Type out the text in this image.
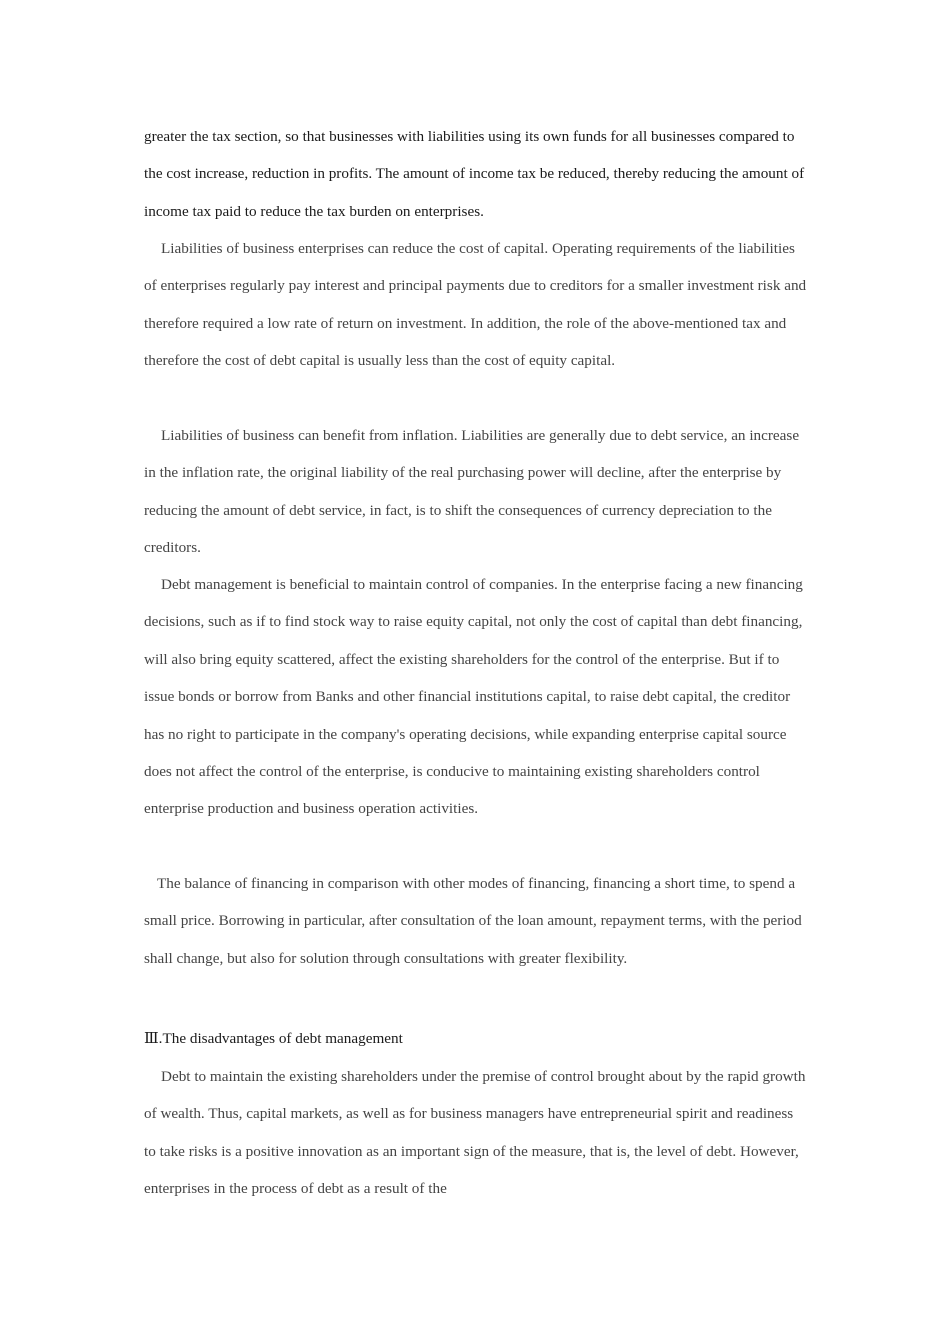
greater the tax section, so that businesses with liabilities using its own funds for all businesses compared to the cost increase, reduction in profits. The amount of income tax be reduced, thereby reducing the amount of income tax paid to reduce the tax burden on enterprises.

Liabilities of business enterprises can reduce the cost of capital. Operating requirements of the liabilities of enterprises regularly pay interest and principal payments due to creditors for a smaller investment risk and therefore required a low rate of return on investment. In addition, the role of the above-mentioned tax and therefore the cost of debt capital is usually less than the cost of equity capital.

Liabilities of business can benefit from inflation. Liabilities are generally due to debt service, an increase in the inflation rate, the original liability of the real purchasing power will decline, after the enterprise by reducing the amount of debt service, in fact, is to shift the consequences of currency depreciation to the creditors.

Debt management is beneficial to maintain control of companies. In the enterprise facing a new financing decisions, such as if to find stock way to raise equity capital, not only the cost of capital than debt financing, will also bring equity scattered, affect the existing shareholders for the control of the enterprise. But if to issue bonds or borrow from Banks and other financial institutions capital, to raise debt capital, the creditor has no right to participate in the company's operating decisions, while expanding enterprise capital source does not affect the control of the enterprise, is conducive to maintaining existing shareholders control enterprise production and business operation activities.

The balance of financing in comparison with other modes of financing, financing a short time, to spend a small price. Borrowing in particular, after consultation of the loan amount, repayment terms, with the period shall change, but also for solution through consultations with greater flexibility.

Ⅲ.The disadvantages of debt management

Debt to maintain the existing shareholders under the premise of control brought about by the rapid growth of wealth. Thus, capital markets, as well as for business managers have entrepreneurial spirit and readiness to take risks is a positive innovation as an important sign of the measure, that is, the level of debt. However, enterprises in the process of debt as a result of the
